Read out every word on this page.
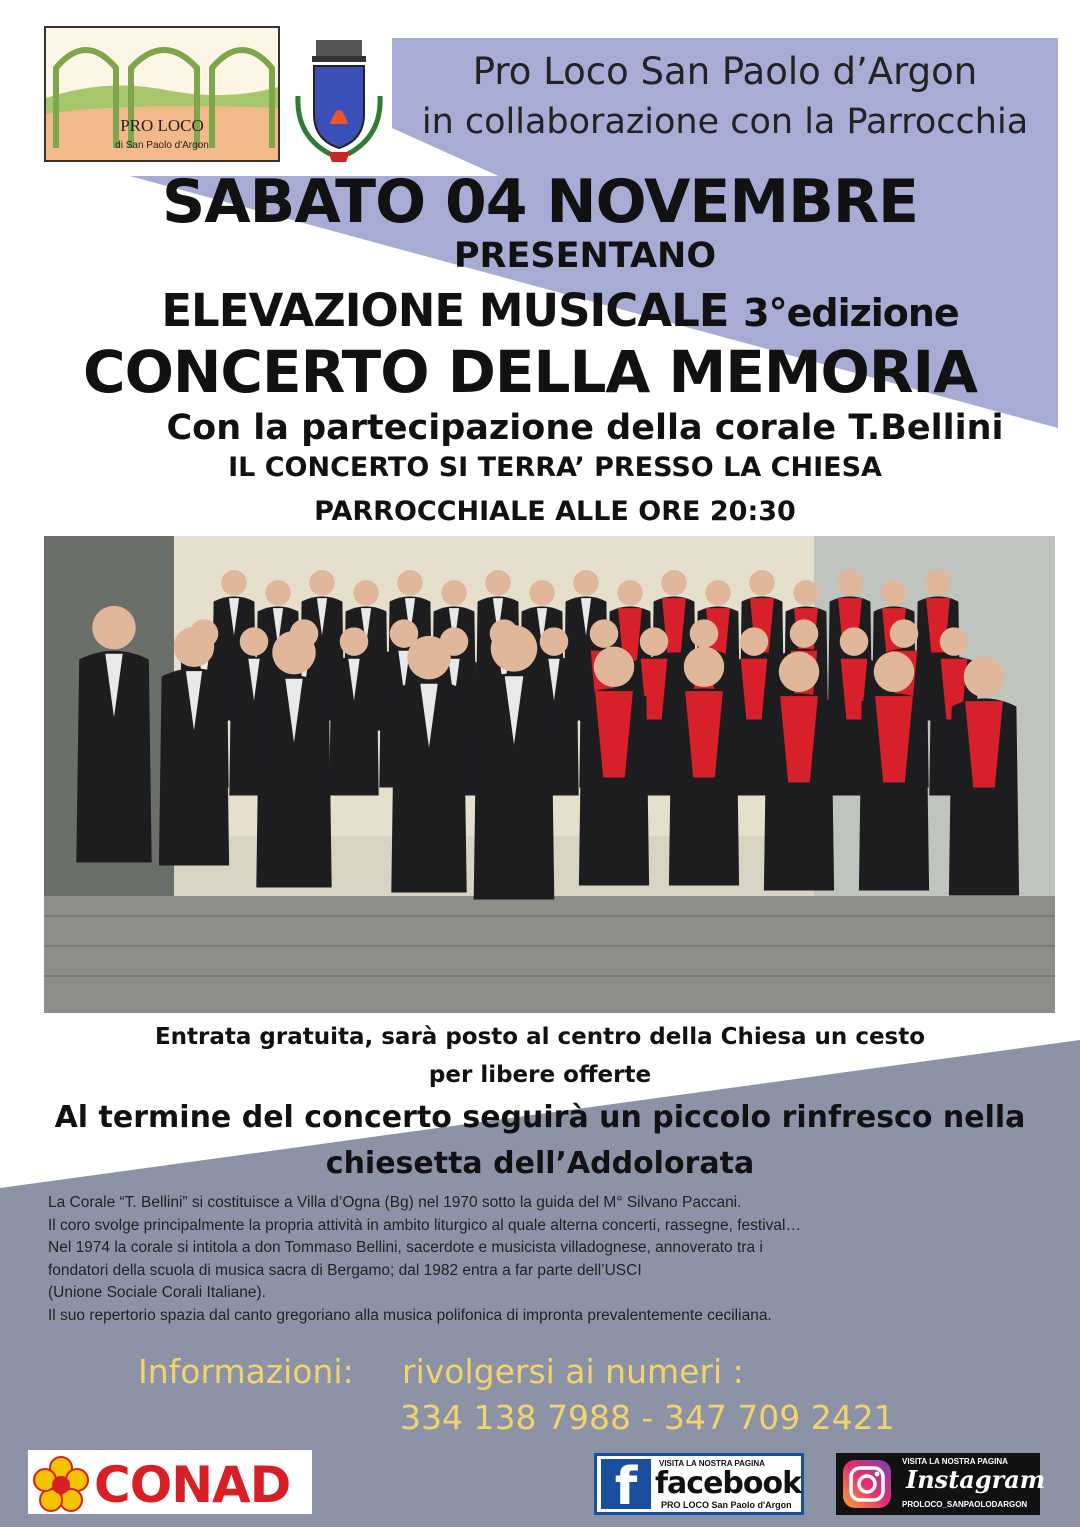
PRO LOCO
di San Paolo d'Argon
Pro Loco San Paolo d’Argon
in collaborazione con la Parrocchia
SABATO 04 NOVEMBRE
PRESENTANO
ELEVAZIONE MUSICALE 3°edizione
CONCERTO DELLA MEMORIA
Con la partecipazione della corale T.Bellini
IL CONCERTO SI TERRA’ PRESSO LA CHIESA
PARROCCHIALE ALLE ORE 20:30
Entrata gratuita, sarà posto al centro della Chiesa un cesto
per libere offerte
Al termine del concerto seguirà un piccolo rinfresco nella
chiesetta dell’Addolorata
La Corale “T. Bellini” si costituisce a Villa d’Ogna (Bg) nel 1970 sotto la guida del M° Silvano Paccani.
Il coro svolge principalmente la propria attività in ambito liturgico al quale alterna concerti, rassegne, festival…
Nel 1974 la corale si intitola a don Tommaso Bellini, sacerdote e musicista villadognese, annoverato tra i
fondatori della scuola di musica sacra di Bergamo; dal 1982 entra a far parte dell’USCI
(Unione Sociale Corali Italiane).
Il suo repertorio spazia dal canto gregoriano alla musica polifonica di impronta prevalentemente ceciliana.
Informazioni: rivolgersi ai numeri :
334 138 7988 - 347 709 2421
CONAD	f	VISITA LA NOSTRA PAGINA
facebook
PRO LOCO San Paolo d'Argon
VISITA LA NOSTRA PAGINA
Instagram
PROLOCO_SANPAOLODARGON
